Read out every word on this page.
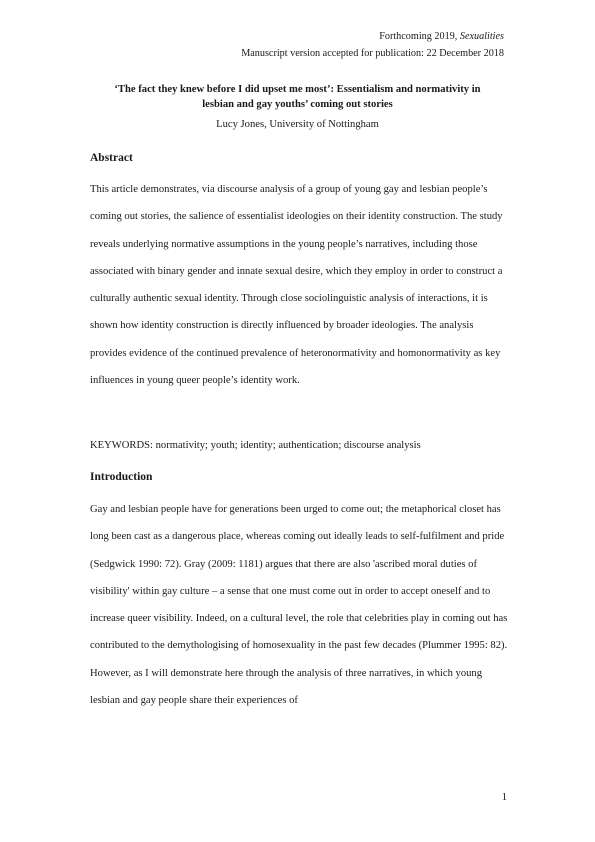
Forthcoming 2019, Sexualities
Manuscript version accepted for publication: 22 December 2018
‘The fact they knew before I did upset me most’: Essentialism and normativity in
lesbian and gay youths’ coming out stories
Lucy Jones, University of Nottingham
Abstract
This article demonstrates, via discourse analysis of a group of young gay and lesbian people’s coming out stories, the salience of essentialist ideologies on their identity construction. The study reveals underlying normative assumptions in the young people’s narratives, including those associated with binary gender and innate sexual desire, which they employ in order to construct a culturally authentic sexual identity. Through close sociolinguistic analysis of interactions, it is shown how identity construction is directly influenced by broader ideologies. The analysis provides evidence of the continued prevalence of heteronormativity and homonormativity as key influences in young queer people’s identity work.
KEYWORDS: normativity; youth; identity; authentication; discourse analysis
Introduction
Gay and lesbian people have for generations been urged to come out; the metaphorical closet has long been cast as a dangerous place, whereas coming out ideally leads to self-fulfilment and pride (Sedgwick 1990: 72). Gray (2009: 1181) argues that there are also 'ascribed moral duties of visibility' within gay culture – a sense that one must come out in order to accept oneself and to increase queer visibility. Indeed, on a cultural level, the role that celebrities play in coming out has contributed to the demythologising of homosexuality in the past few decades (Plummer 1995: 82). However, as I will demonstrate here through the analysis of three narratives, in which young lesbian and gay people share their experiences of
1
